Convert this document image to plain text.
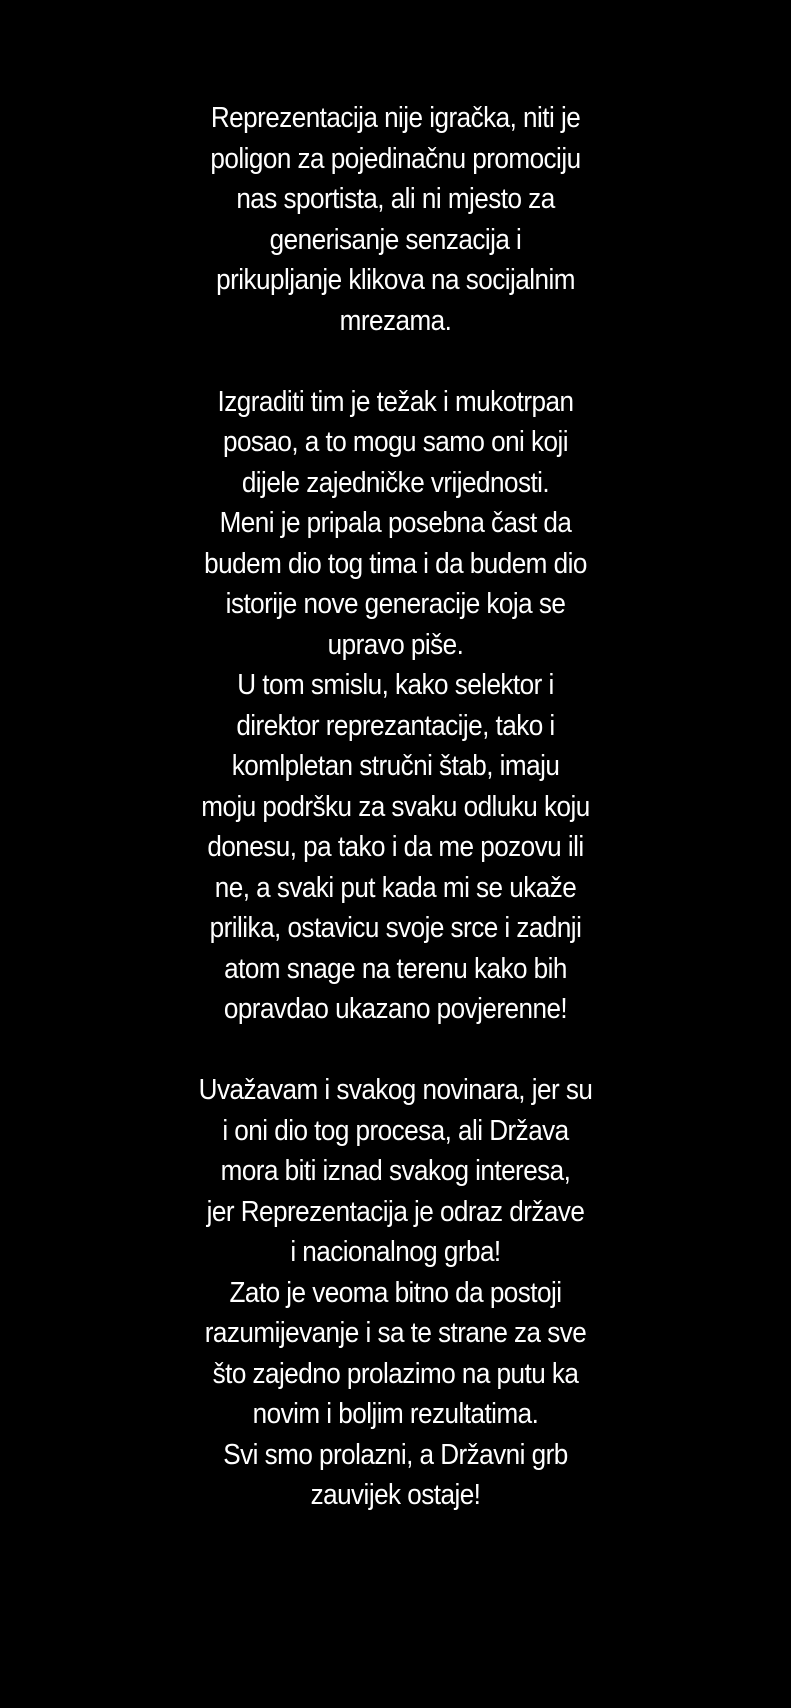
Reprezentacija nije igračka, niti je
poligon za pojedinačnu promociju
nas sportista, ali ni mjesto za
generisanje senzacija i
prikupljanje klikova na socijalnim
mrezama.
Izgraditi tim je težak i mukotrpan
posao, a to mogu samo oni koji
dijele zajedničke vrijednosti.
Meni je pripala posebna čast da
budem dio tog tima i da budem dio
istorije nove generacije koja se
upravo piše.
U tom smislu, kako selektor i
direktor reprezantacije, tako i
komlpletan stručni štab, imaju
moju podršku za svaku odluku koju
donesu, pa tako i da me pozovu ili
ne, a svaki put kada mi se ukaže
prilika, ostavicu svoje srce i zadnji
atom snage na terenu kako bih
opravdao ukazano povjerenne!
Uvažavam i svakog novinara, jer su
i oni dio tog procesa, ali Država
mora biti iznad svakog interesa,
jer Reprezentacija je odraz države
i nacionalnog grba!
Zato je veoma bitno da postoji
razumijevanje i sa te strane za sve
što zajedno prolazimo na putu ka
novim i boljim rezultatima.
Svi smo prolazni, a Državni grb
zauvijek ostaje!
